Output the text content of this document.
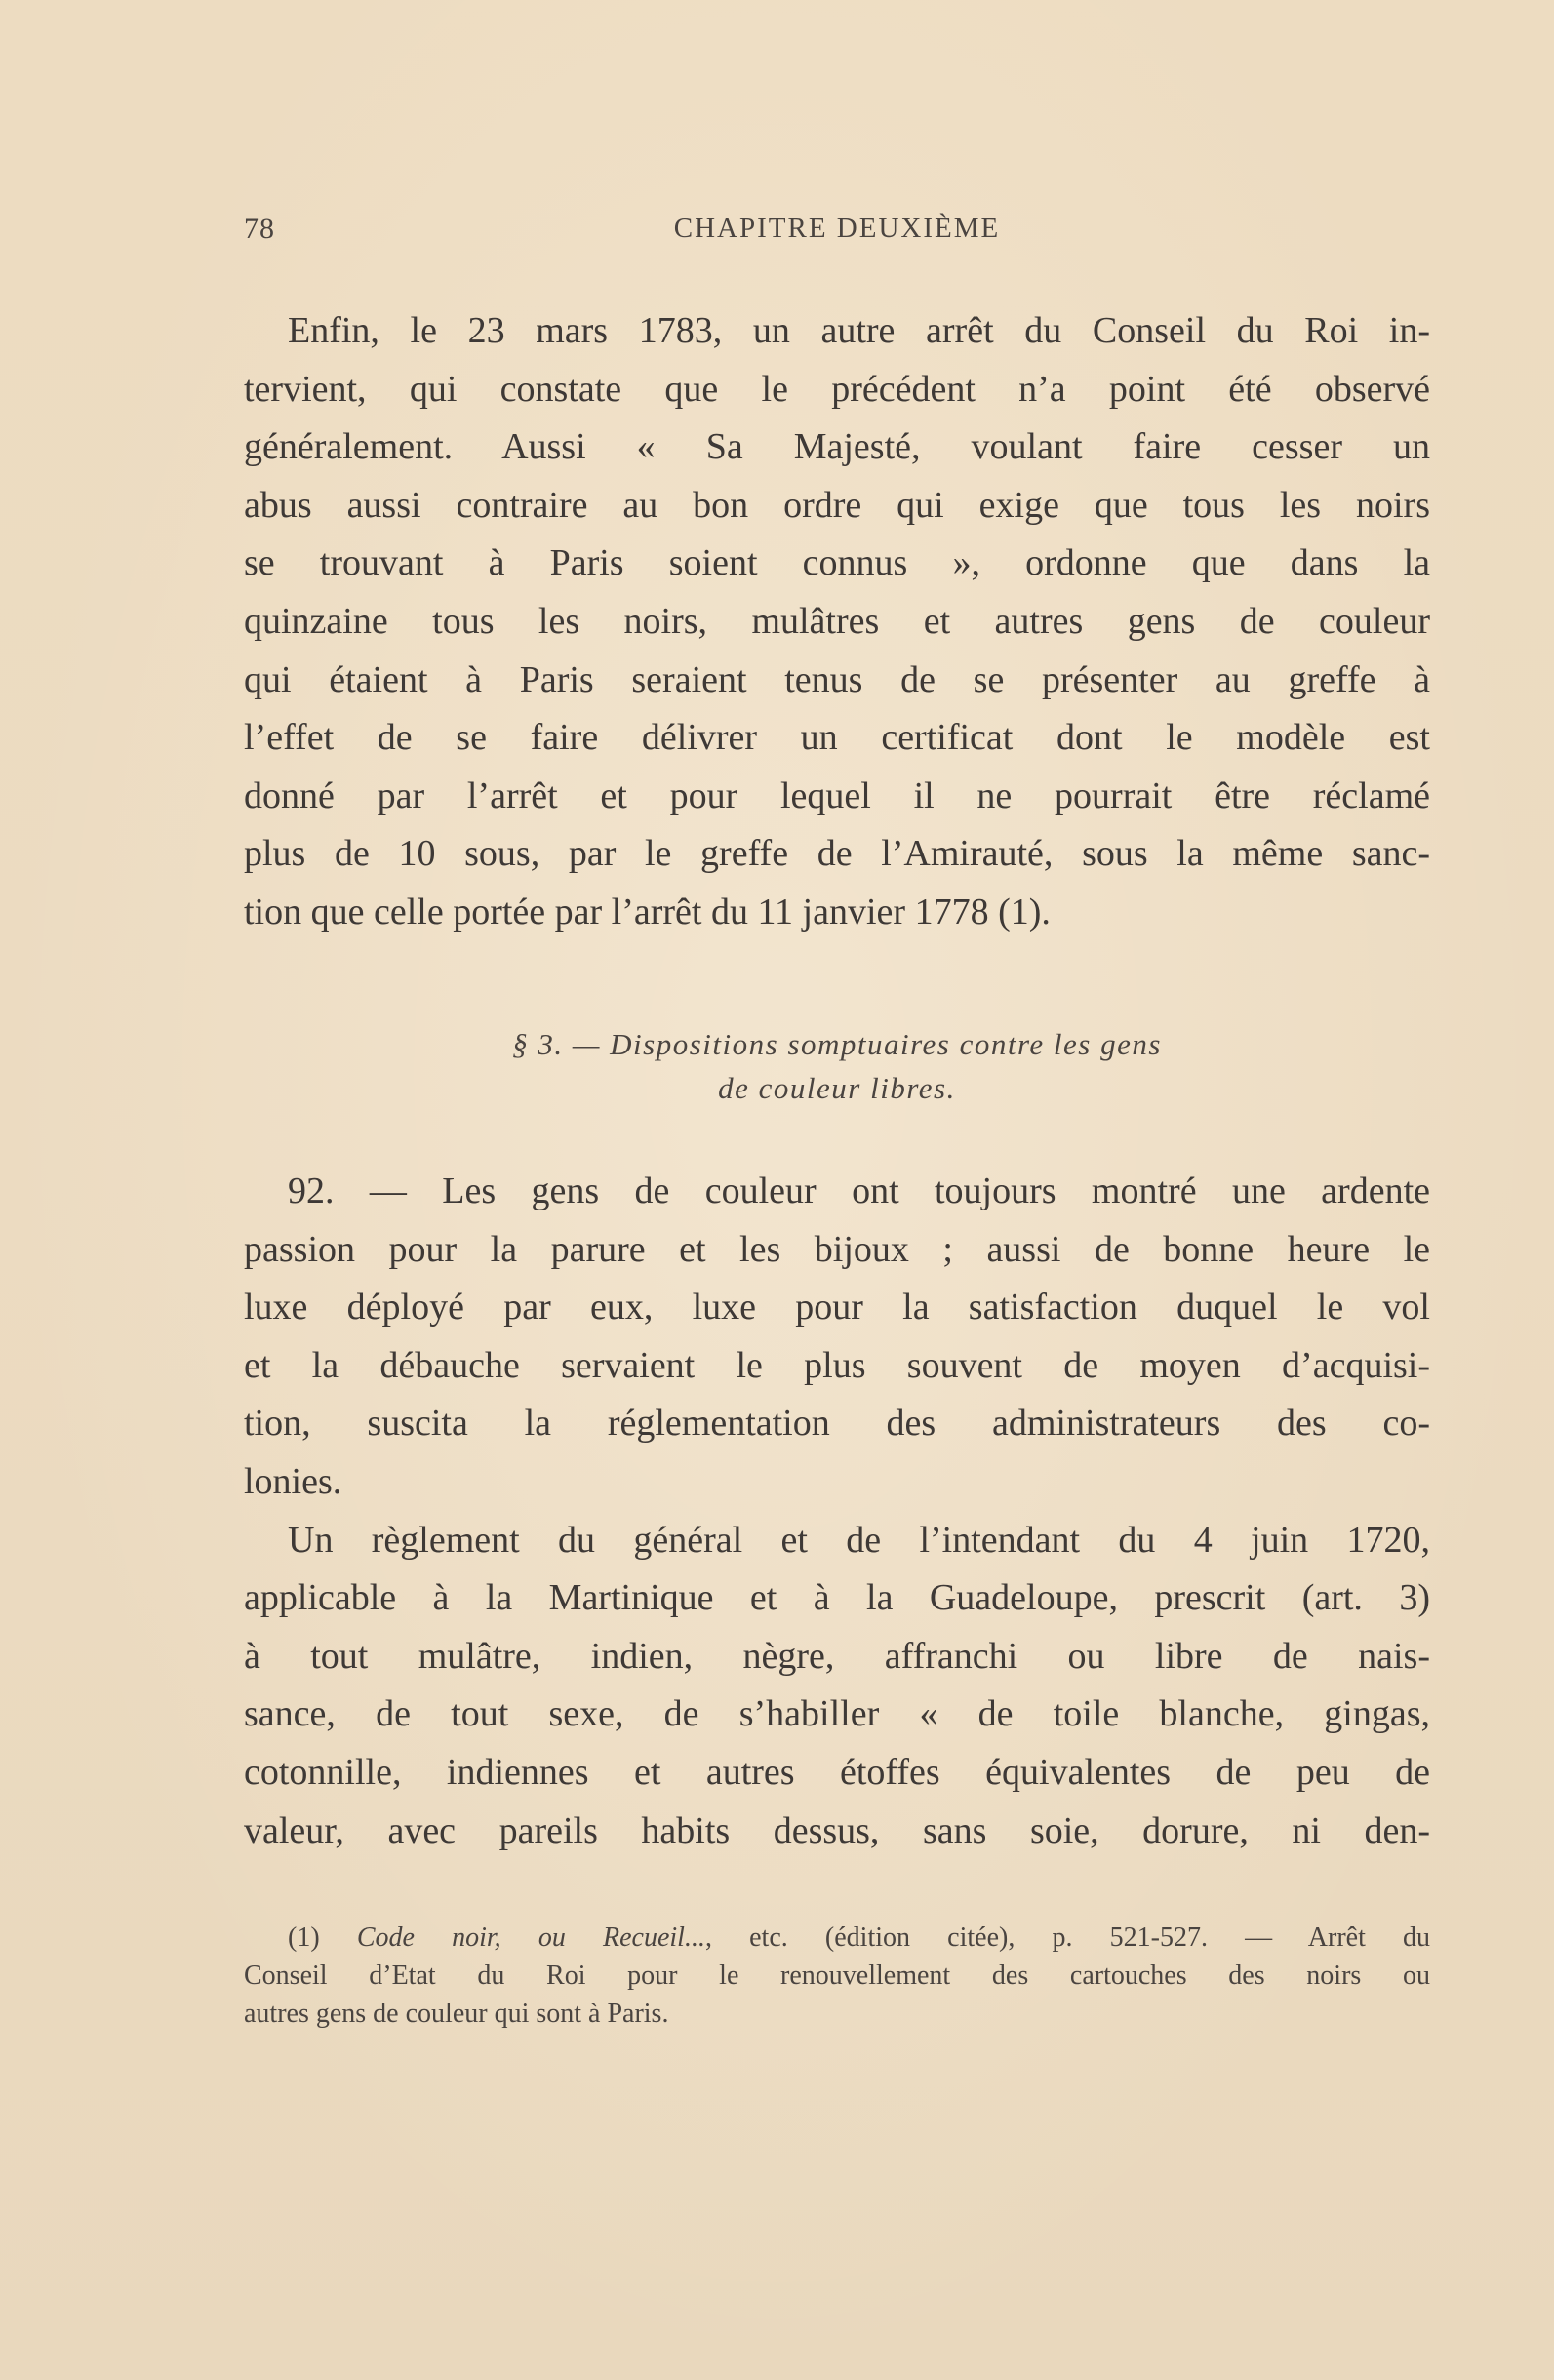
78	CHAPITRE DEUXIÈME
Enfin, le 23 mars 1783, un autre arrêt du Conseil du Roi in-
tervient, qui constate que le précédent n’a point été observé
généralement. Aussi « Sa Majesté, voulant faire cesser un
abus aussi contraire au bon ordre qui exige que tous les noirs
se trouvant à Paris soient connus », ordonne que dans la
quinzaine tous les noirs, mulâtres et autres gens de couleur
qui étaient à Paris seraient tenus de se présenter au greffe à
l’effet de se faire délivrer un certificat dont le modèle est
donné par l’arrêt et pour lequel il ne pourrait être réclamé
plus de 10 sous, par le greffe de l’Amirauté, sous la même sanc-
tion que celle portée par l’arrêt du 11 janvier 1778 (1).
§ 3. — Dispositions somptuaires contre les gens
de couleur libres.
92. — Les gens de couleur ont toujours montré une ardente
passion pour la parure et les bijoux ; aussi de bonne heure le
luxe déployé par eux, luxe pour la satisfaction duquel le vol
et la débauche servaient le plus souvent de moyen d’acquisi-
tion, suscita la réglementation des administrateurs des co-
lonies.
Un règlement du général et de l’intendant du 4 juin 1720,
applicable à la Martinique et à la Guadeloupe, prescrit (art. 3)
à tout mulâtre, indien, nègre, affranchi ou libre de nais-
sance, de tout sexe, de s’habiller « de toile blanche, gingas,
cotonnille, indiennes et autres étoffes équivalentes de peu de
valeur, avec pareils habits dessus, sans soie, dorure, ni den-
(1) Code noir, ou Recueil..., etc. (édition citée), p. 521-527. — Arrêt du
Conseil d’Etat du Roi pour le renouvellement des cartouches des noirs ou
autres gens de couleur qui sont à Paris.
